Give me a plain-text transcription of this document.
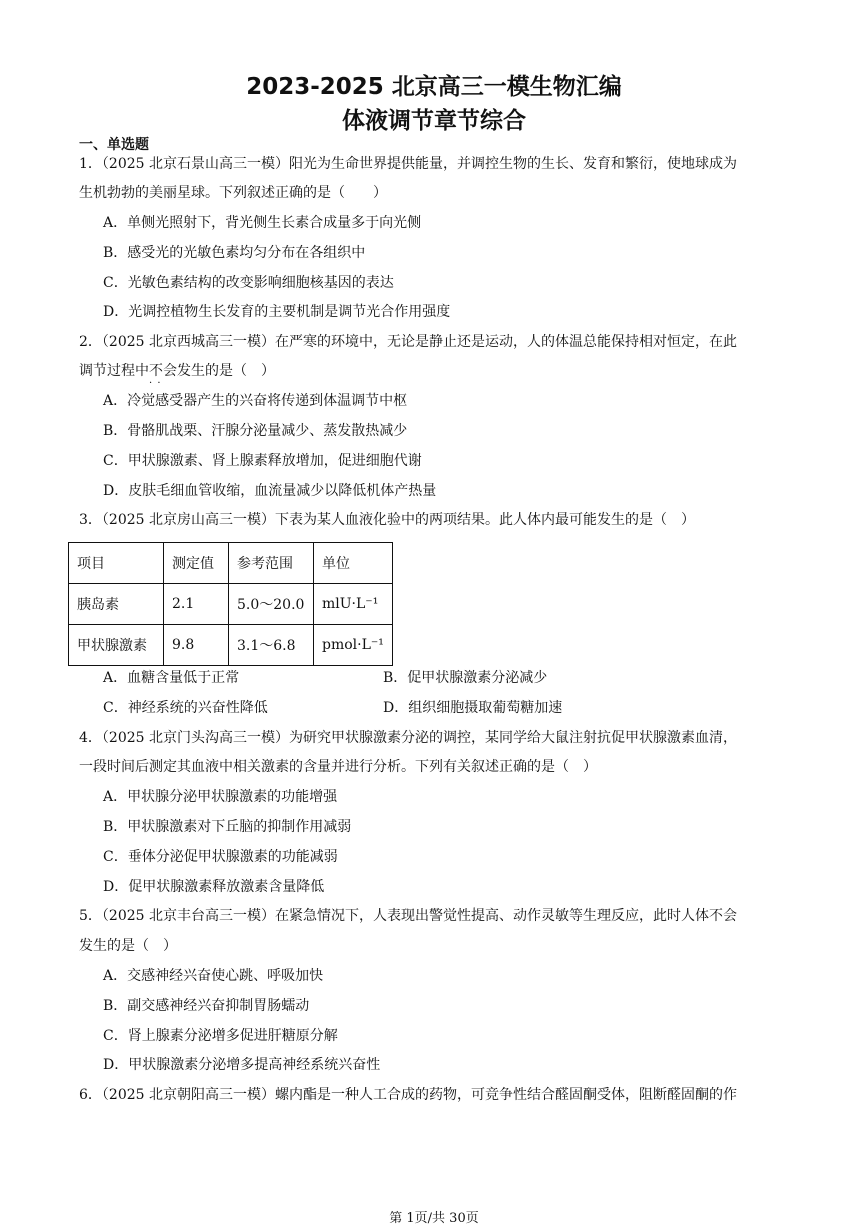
2023-2025 北京高三一模生物汇编
体液调节章节综合
一、单选题
1．（2025 北京石景山高三一模）阳光为生命世界提供能量，并调控生物的生长、发育和繁衍，使地球成为
生机勃勃的美丽星球。下列叙述正确的是（　　）
A．单侧光照射下，背光侧生长素合成量多于向光侧
B．感受光的光敏色素均匀分布在各组织中
C．光敏色素结构的改变影响细胞核基因的表达
D．光调控植物生长发育的主要机制是调节光合作用强度
2．（2025 北京西城高三一模）在严寒的环境中，无论是静止还是运动，人的体温总能保持相对恒定，在此
调节过程中不会 · ·发生的是（　）
A．冷觉感受器产生的兴奋将传递到体温调节中枢
B．骨骼肌战栗、汗腺分泌量减少、蒸发散热减少
C．甲状腺激素、肾上腺素释放增加，促进细胞代谢
D．皮肤毛细血管收缩，血流量减少以降低机体产热量
3．（2025 北京房山高三一模）下表为某人血液化验中的两项结果。此人体内最可能发生的是（　）
项目	测定值	参考范围	单位
胰岛素	2.1	5.0～20.0	mlU·L⁻¹
甲状腺激素	9.8	3.1～6.8	pmol·L⁻¹
A．血糖含量低于正常	B．促甲状腺激素分泌减少
C．神经系统的兴奋性降低	D．组织细胞摄取葡萄糖加速
4．（2025 北京门头沟高三一模）为研究甲状腺激素分泌的调控，某同学给大鼠注射抗促甲状腺激素血清，
一段时间后测定其血液中相关激素的含量并进行分析。下列有关叙述正确的是（　）
A．甲状腺分泌甲状腺激素的功能增强
B．甲状腺激素对下丘脑的抑制作用减弱
C．垂体分泌促甲状腺激素的功能减弱
D．促甲状腺激素释放激素含量降低
5．（2025 北京丰台高三一模）在紧急情况下，人表现出警觉性提高、动作灵敏等生理反应，此时人体不会
发生的是（　）
A．交感神经兴奋使心跳、呼吸加快
B．副交感神经兴奋抑制胃肠蠕动
C．肾上腺素分泌增多促进肝糖原分解
D．甲状腺激素分泌增多提高神经系统兴奋性
6．（2025 北京朝阳高三一模）螺内酯是一种人工合成的药物，可竞争性结合醛固酮受体，阻断醛固酮的作
第 1页/共 30页
